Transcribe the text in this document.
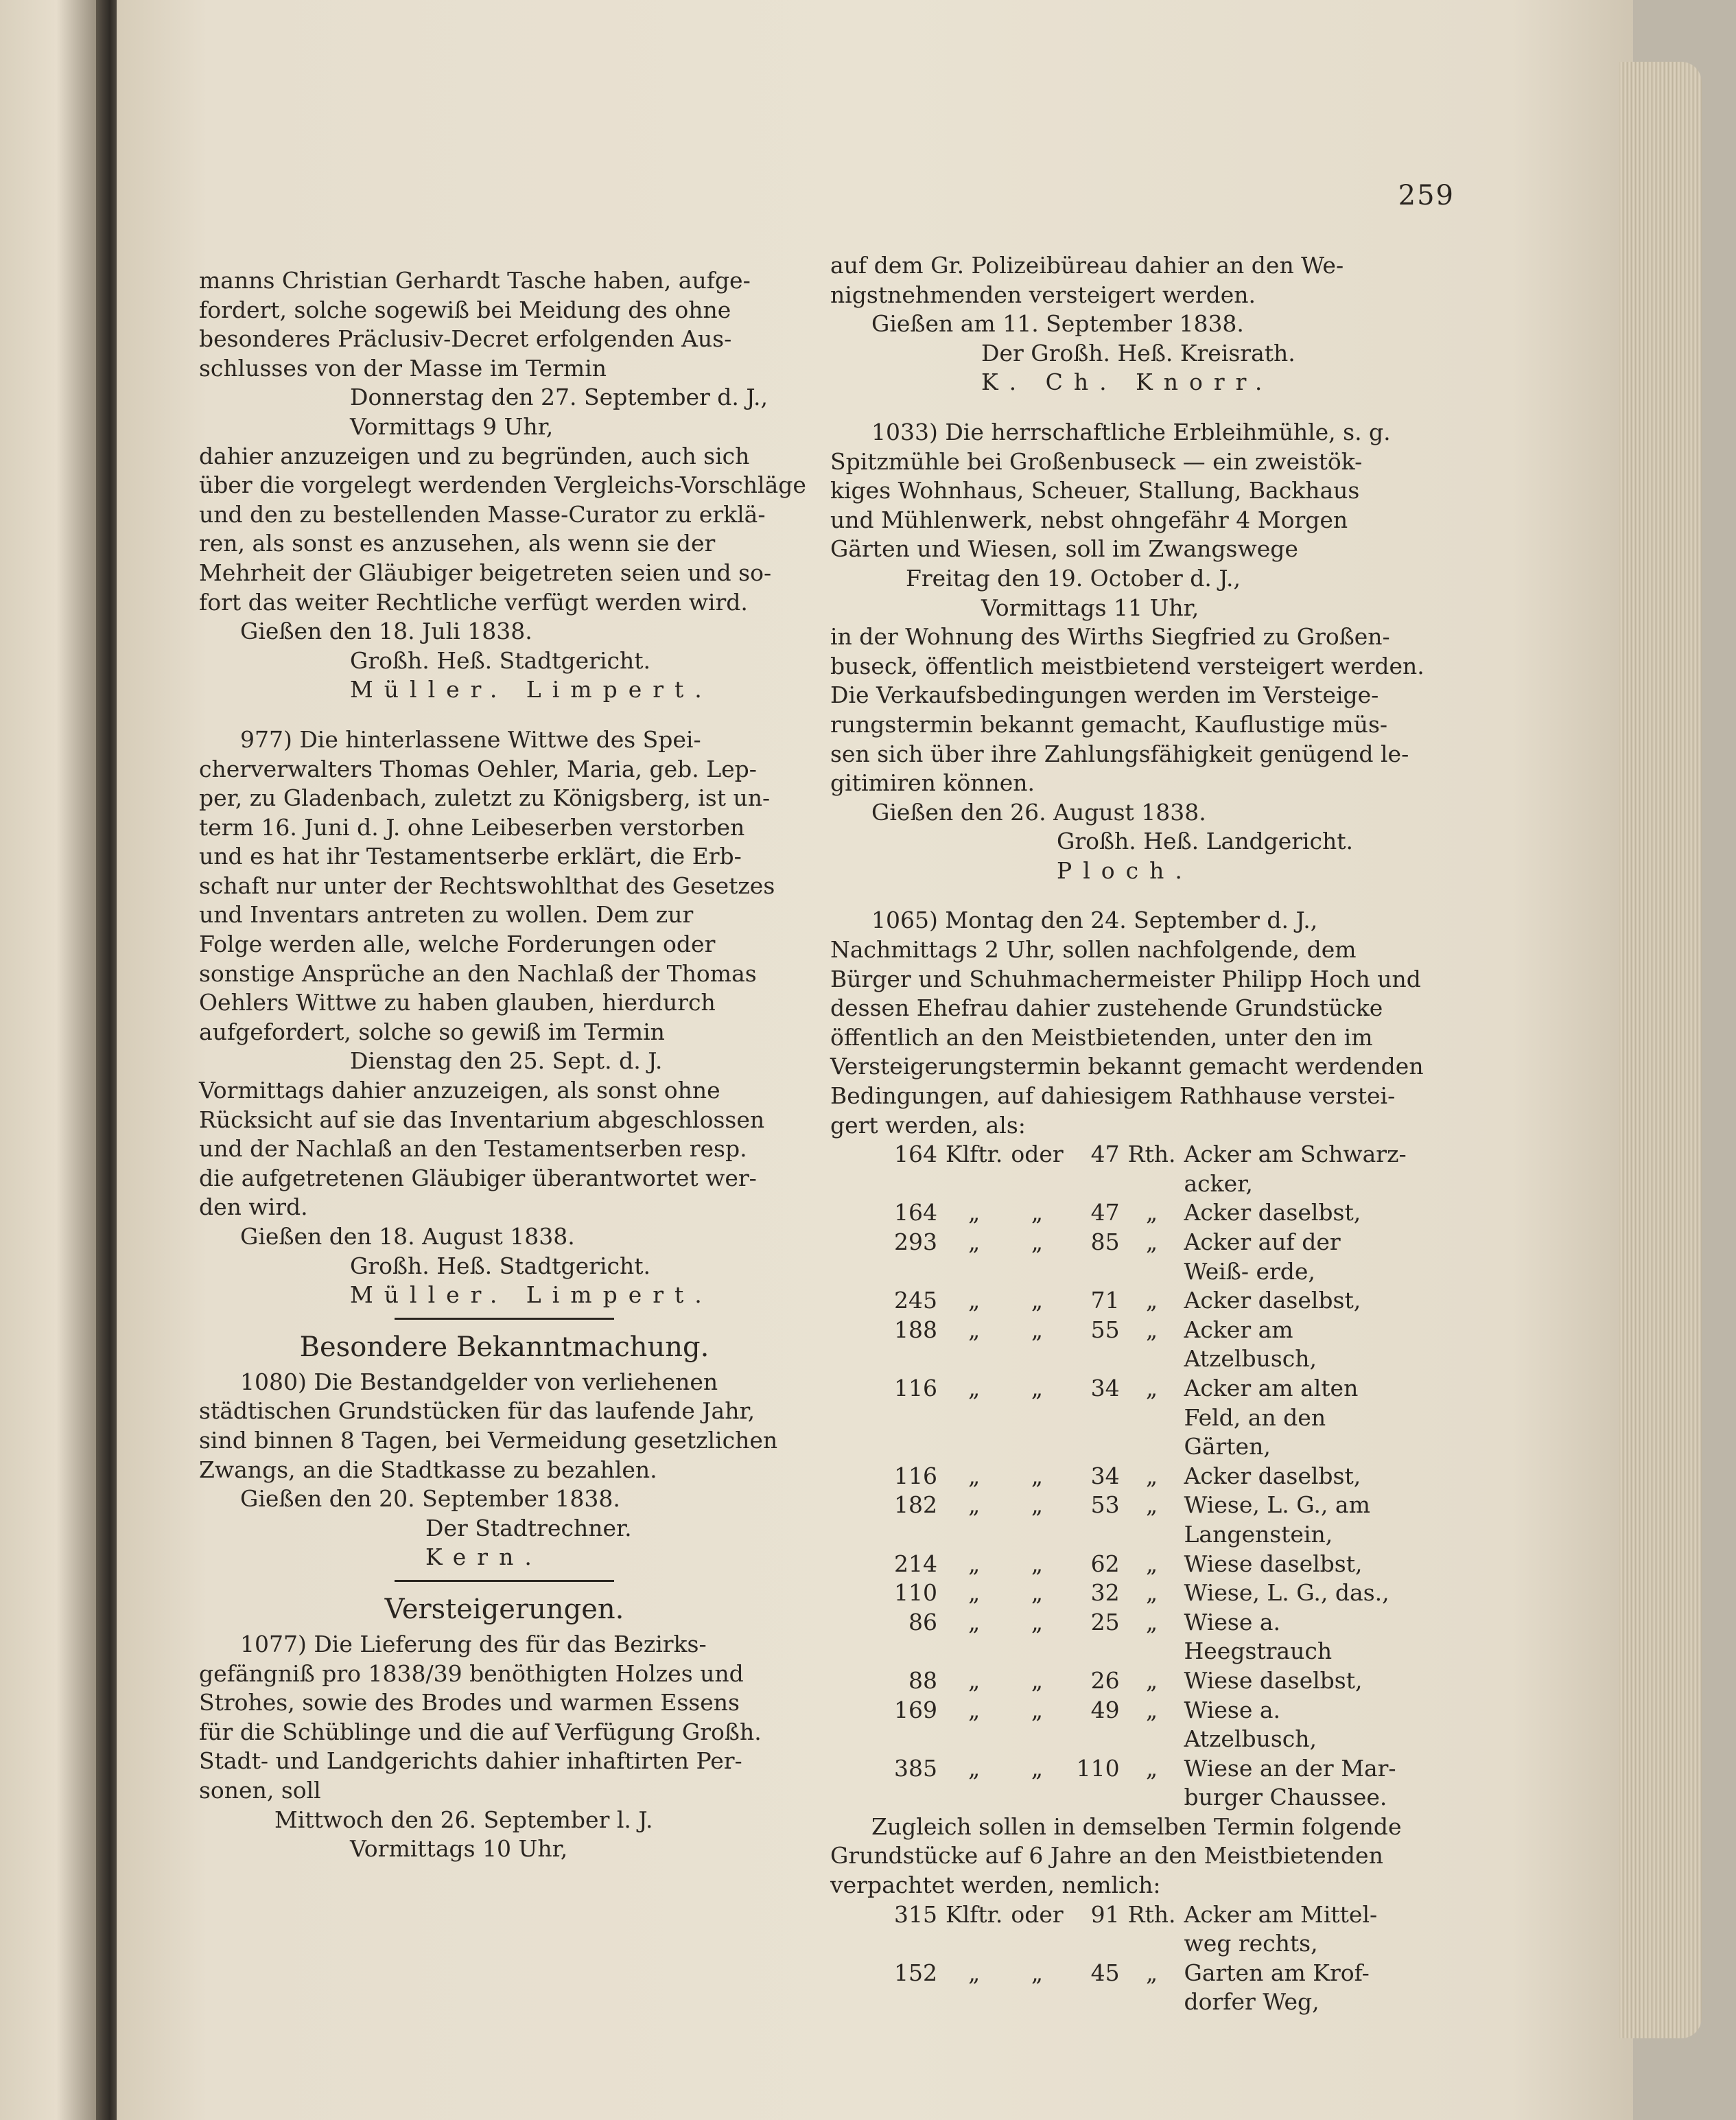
259
manns Christian Gerhardt Tasche haben, aufge-
fordert, solche sogewiß bei Meidung des ohne
besonderes Präclusiv-Decret erfolgenden Aus-
schlusses von der Masse im Termin
Donnerstag den 27. September d. J.,
Vormittags 9 Uhr,
dahier anzuzeigen und zu begründen, auch sich
über die vorgelegt werdenden Vergleichs-Vorschläge
und den zu bestellenden Masse-Curator zu erklä-
ren, als sonst es anzusehen, als wenn sie der
Mehrheit der Gläubiger beigetreten seien und so-
fort das weiter Rechtliche verfügt werden wird.
Gießen den 18. Juli 1838.
Großh. Heß. Stadtgericht.
Müller. Limpert.
977) Die hinterlassene Wittwe des Spei-
cherverwalters Thomas Oehler, Maria, geb. Lep-
per, zu Gladenbach, zuletzt zu Königsberg, ist un-
term 16. Juni d. J. ohne Leibeserben verstorben
und es hat ihr Testamentserbe erklärt, die Erb-
schaft nur unter der Rechtswohlthat des Gesetzes
und Inventars antreten zu wollen. Dem zur
Folge werden alle, welche Forderungen oder
sonstige Ansprüche an den Nachlaß der Thomas
Oehlers Wittwe zu haben glauben, hierdurch
aufgefordert, solche so gewiß im Termin
Dienstag den 25. Sept. d. J.
Vormittags dahier anzuzeigen, als sonst ohne
Rücksicht auf sie das Inventarium abgeschlossen
und der Nachlaß an den Testamentserben resp.
die aufgetretenen Gläubiger überantwortet wer-
den wird.
Gießen den 18. August 1838.
Großh. Heß. Stadtgericht.
Müller. Limpert.
Besondere Bekanntmachung.
1080) Die Bestandgelder von verliehenen
städtischen Grundstücken für das laufende Jahr,
sind binnen 8 Tagen, bei Vermeidung gesetzlichen
Zwangs, an die Stadtkasse zu bezahlen.
Gießen den 20. September 1838.
Der Stadtrechner.
Kern.
Versteigerungen.
1077) Die Lieferung des für das Bezirks-
gefängniß pro 1838/39 benöthigten Holzes und
Strohes, sowie des Brodes und warmen Essens
für die Schüblinge und die auf Verfügung Großh.
Stadt- und Landgerichts dahier inhaftirten Per-
sonen, soll
Mittwoch den 26. September l. J.
Vormittags 10 Uhr,
auf dem Gr. Polizeibüreau dahier an den We-
nigstnehmenden versteigert werden.
Gießen am 11. September 1838.
Der Großh. Heß. Kreisrath.
K. Ch. Knorr.
1033) Die herrschaftliche Erbleihmühle, s. g.
Spitzmühle bei Großenbuseck — ein zweistök-
kiges Wohnhaus, Scheuer, Stallung, Backhaus
und Mühlenwerk, nebst ohngefähr 4 Morgen
Gärten und Wiesen, soll im Zwangswege
Freitag den 19. October d. J.,
Vormittags 11 Uhr,
in der Wohnung des Wirths Siegfried zu Großen-
buseck, öffentlich meistbietend versteigert werden.
Die Verkaufsbedingungen werden im Versteige-
rungstermin bekannt gemacht, Kauflustige müs-
sen sich über ihre Zahlungsfähigkeit genügend le-
gitimiren können.
Gießen den 26. August 1838.
Großh. Heß. Landgericht.
Ploch.
1065) Montag den 24. September d. J.,
Nachmittags 2 Uhr, sollen nachfolgende, dem
Bürger und Schuhmachermeister Philipp Hoch und
dessen Ehefrau dahier zustehende Grundstücke
öffentlich an den Meistbietenden, unter den im
Versteigerungstermin bekannt gemacht werdenden
Bedingungen, auf dahiesigem Rathhause verstei-
gert werden, als:
164	Klftr.	oder	47	Rth.	Acker am Schwarz- acker,
164	„	„	47	„	Acker daselbst,
293	„	„	85	„	Acker auf der Weiß- erde,
245	„	„	71	„	Acker daselbst,
188	„	„	55	„	Acker am Atzelbusch,
116	„	„	34	„	Acker am alten Feld, an den Gärten,
116	„	„	34	„	Acker daselbst,
182	„	„	53	„	Wiese, L. G., am Langenstein,
214	„	„	62	„	Wiese daselbst,
110	„	„	32	„	Wiese, L. G., das.,
86	„	„	25	„	Wiese a. Heegstrauch
88	„	„	26	„	Wiese daselbst,
169	„	„	49	„	Wiese a. Atzelbusch,
385	„	„	110	„	Wiese an der Mar- burger Chaussee.
Zugleich sollen in demselben Termin folgende
Grundstücke auf 6 Jahre an den Meistbietenden
verpachtet werden, nemlich:
315	Klftr.	oder	91	Rth.	Acker am Mittel- weg rechts,
152	„	„	45	„	Garten am Krof- dorfer Weg,
